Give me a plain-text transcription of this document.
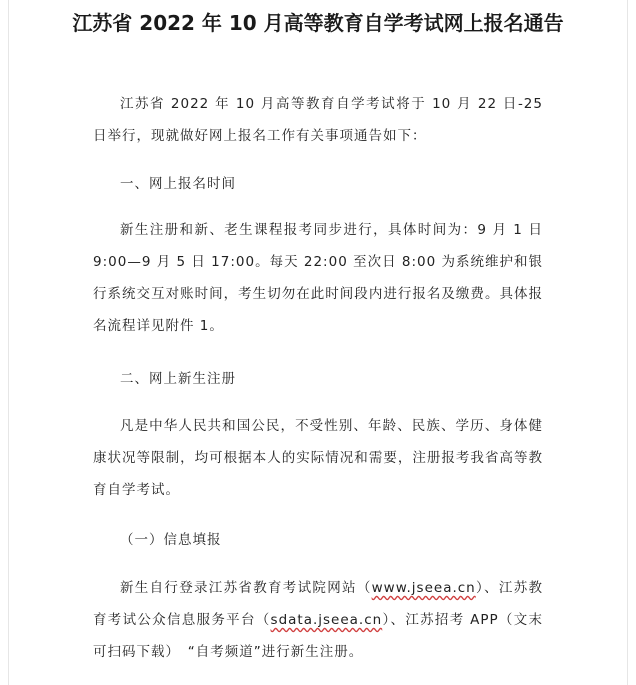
江苏省 2022 年 10 月高等教育自学考试网上报名通告

江苏省 2022 年 10 月高等教育自学考试将于 10 月 22 日-25 日举行，现就做好网上报名工作有关事项通告如下：

一、网上报名时间

新生注册和新、老生课程报考同步进行，具体时间为：9 月 1 日 9:00—9 月 5 日 17:00。每天 22:00 至次日 8:00 为系统维护和银行系统交互对账时间，考生切勿在此时间段内进行报名及缴费。具体报名流程详见附件 1。

二、网上新生注册

凡是中华人民共和国公民，不受性别、年龄、民族、学历、身体健康状况等限制，均可根据本人的实际情况和需要，注册报考我省高等教育自学考试。

（一）信息填报

新生自行登录江苏省教育考试院网站（www.jseea.cn）、江苏教育考试公众信息服务平台（sdata.jseea.cn）、江苏招考 APP（文末可扫码下载）　“自考频道”进行新生注册。
